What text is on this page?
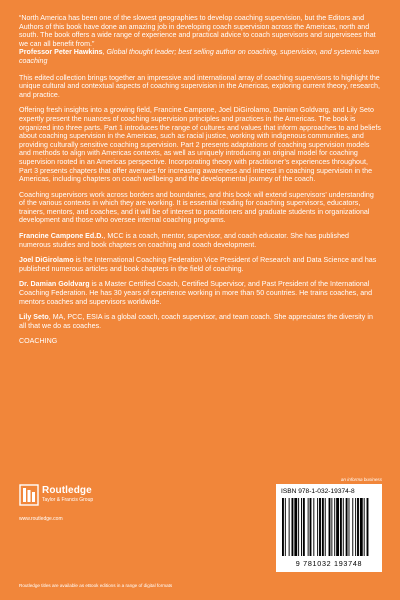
“North America has been one of the slowest geographies to develop coaching supervision, but the Editors and Authors of this book have done an amazing job in developing coach supervision across the Americas, north and south. The book offers a wide range of experience and practical advice to coach supervisors and supervisees that we can all benefit from.”

Professor Peter Hawkins, Global thought leader; best selling author on coaching, supervision, and systemic team coaching

This edited collection brings together an impressive and international array of coaching supervisors to highlight the unique cultural and contextual aspects of coaching supervision in the Americas, exploring current theory, research, and practice.

Offering fresh insights into a growing field, Francine Campone, Joel DiGirolamo, Damian Goldvarg, and Lily Seto expertly present the nuances of coaching supervision principles and practices in the Americas. The book is organized into three parts. Part 1 introduces the range of cultures and values that inform approaches to and beliefs about coaching supervision in the Americas, such as racial justice, working with indigenous communities, and providing culturally sensitive coaching supervision. Part 2 presents adaptations of coaching supervision models and methods to align with Americas contexts, as well as uniquely introducing an original model for coaching supervision rooted in an Americas perspective. Incorporating theory with practitioner’s experiences throughout, Part 3 presents chapters that offer avenues for increasing awareness and interest in coaching supervision in the Americas, including chapters on coach wellbeing and the developmental journey of the coach.

Coaching supervisors work across borders and boundaries, and this book will extend supervisors’ understanding of the various contexts in which they are working. It is essential reading for coaching supervisors, educators, trainers, mentors, and coaches, and it will be of interest to practitioners and graduate students in organizational development and those who oversee internal coaching programs.

Francine Campone Ed.D., MCC is a coach, mentor, supervisor, and coach educator. She has published numerous studies and book chapters on coaching and coach development.

Joel DiGirolamo is the International Coaching Federation Vice President of Research and Data Science and has published numerous articles and book chapters in the field of coaching.

Dr. Damian Goldvarg is a Master Certified Coach, Certified Supervisor, and Past President of the International Coaching Federation. He has 30 years of experience working in more than 50 countries. He trains coaches, and mentors coaches and supervisors worldwide.

Lily Seto, MA, PCC, ESIA is a global coach, coach supervisor, and team coach. She appreciates the diversity in all that we do as coaches.

COACHING
Routledge
Taylor & Francis Group
www.routledge.com
Routledge titles are available as eBook editions in a range of digital formats
an informa business
ISBN 978-1-032-19374-8
9 781032 193748
